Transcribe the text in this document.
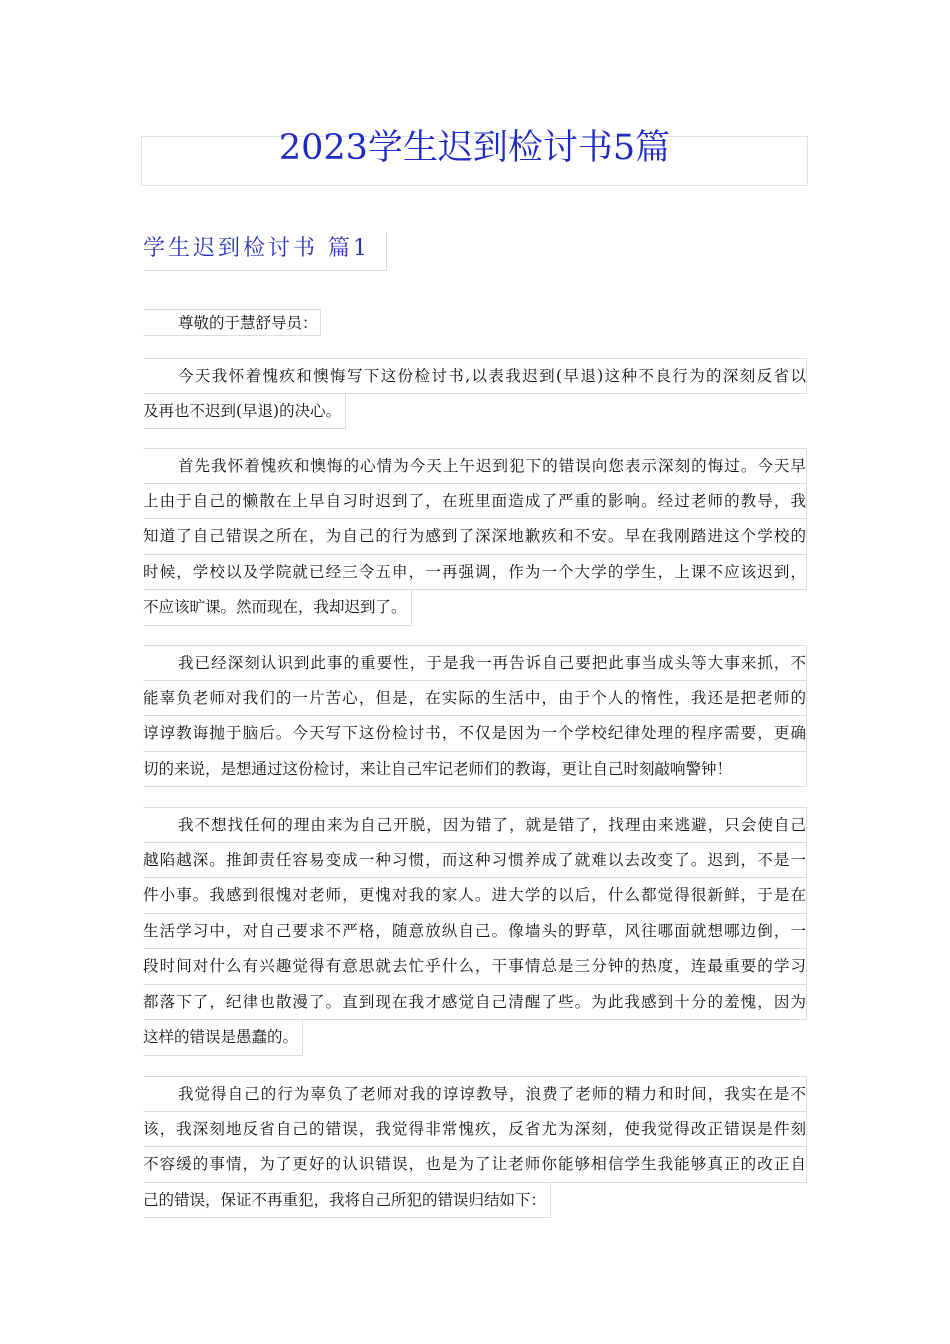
2023学生迟到检讨书5篇
学生迟到检讨书 篇1
尊敬的于慧舒导员：
今天我怀着愧疚和懊悔写下这份检讨书,以表我迟到(早退)这种不良行为的深刻反省以
及再也不迟到(早退)的决心。
首先我怀着愧疚和懊悔的心情为今天上午迟到犯下的错误向您表示深刻的悔过。今天早
上由于自己的懒散在上早自习时迟到了，在班里面造成了严重的影响。经过老师的教导，我
知道了自己错误之所在，为自己的行为感到了深深地歉疚和不安。早在我刚踏进这个学校的
时候，学校以及学院就已经三令五申，一再强调，作为一个大学的学生，上课不应该迟到，
不应该旷课。然而现在，我却迟到了。
我已经深刻认识到此事的重要性，于是我一再告诉自己要把此事当成头等大事来抓，不
能辜负老师对我们的一片苦心，但是，在实际的生活中，由于个人的惰性，我还是把老师的
谆谆教诲抛于脑后。今天写下这份检讨书，不仅是因为一个学校纪律处理的程序需要，更确
切的来说，是想通过这份检讨，来让自己牢记老师们的教诲，更让自己时刻敲响警钟！
我不想找任何的理由来为自己开脱，因为错了，就是错了，找理由来逃避，只会使自己
越陷越深。推卸责任容易变成一种习惯，而这种习惯养成了就难以去改变了。迟到，不是一
件小事。我感到很愧对老师，更愧对我的家人。进大学的以后，什么都觉得很新鲜，于是在
生活学习中，对自己要求不严格，随意放纵自己。像墙头的野草，风往哪面就想哪边倒，一
段时间对什么有兴趣觉得有意思就去忙乎什么，干事情总是三分钟的热度，连最重要的学习
都落下了，纪律也散漫了。直到现在我才感觉自己清醒了些。为此我感到十分的羞愧，因为
这样的错误是愚蠢的。
我觉得自己的行为辜负了老师对我的谆谆教导，浪费了老师的精力和时间，我实在是不
该，我深刻地反省自己的错误，我觉得非常愧疚，反省尤为深刻，使我觉得改正错误是件刻
不容缓的事情，为了更好的认识错误，也是为了让老师你能够相信学生我能够真正的改正自
己的错误，保证不再重犯，我将自己所犯的错误归结如下：
